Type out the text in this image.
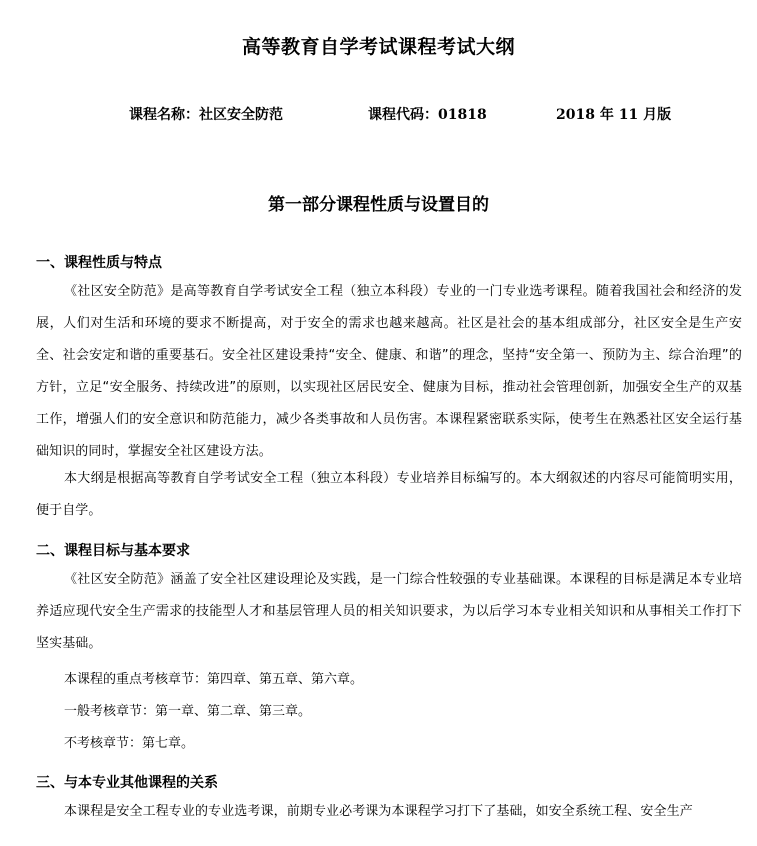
高等教育自学考试课程考试大纲
课程名称：社区安全防范	课程代码：01818	2018 年 11 月版
第一部分课程性质与设置目的
一、课程性质与特点
《社区安全防范》是高等教育自学考试安全工程（独立本科段）专业的一门专业选考课程。随着我国社会和经济的发展，人们对生活和环境的要求不断提高，对于安全的需求也越来越高。社区是社会的基本组成部分，社区安全是生产安全、社会安定和谐的重要基石。安全社区建设秉持“安全、健康、和谐”的理念，坚持“安全第一、预防为主、综合治理”的方针，立足“安全服务、持续改进”的原则，以实现社区居民安全、健康为目标，推动社会管理创新，加强安全生产的双基工作，增强人们的安全意识和防范能力，减少各类事故和人员伤害。本课程紧密联系实际，使考生在熟悉社区安全运行基础知识的同时，掌握安全社区建设方法。
本大纲是根据高等教育自学考试安全工程（独立本科段）专业培养目标编写的。本大纲叙述的内容尽可能简明实用，便于自学。
二、课程目标与基本要求
《社区安全防范》涵盖了安全社区建设理论及实践，是一门综合性较强的专业基础课。本课程的目标是满足本专业培养适应现代安全生产需求的技能型人才和基层管理人员的相关知识要求，为以后学习本专业相关知识和从事相关工作打下坚实基础。
本课程的重点考核章节：第四章、第五章、第六章。
一般考核章节：第一章、第二章、第三章。
不考核章节：第七章。
三、与本专业其他课程的关系
本课程是安全工程专业的专业选考课，前期专业必考课为本课程学习打下了基础，如安全系统工程、安全生产
